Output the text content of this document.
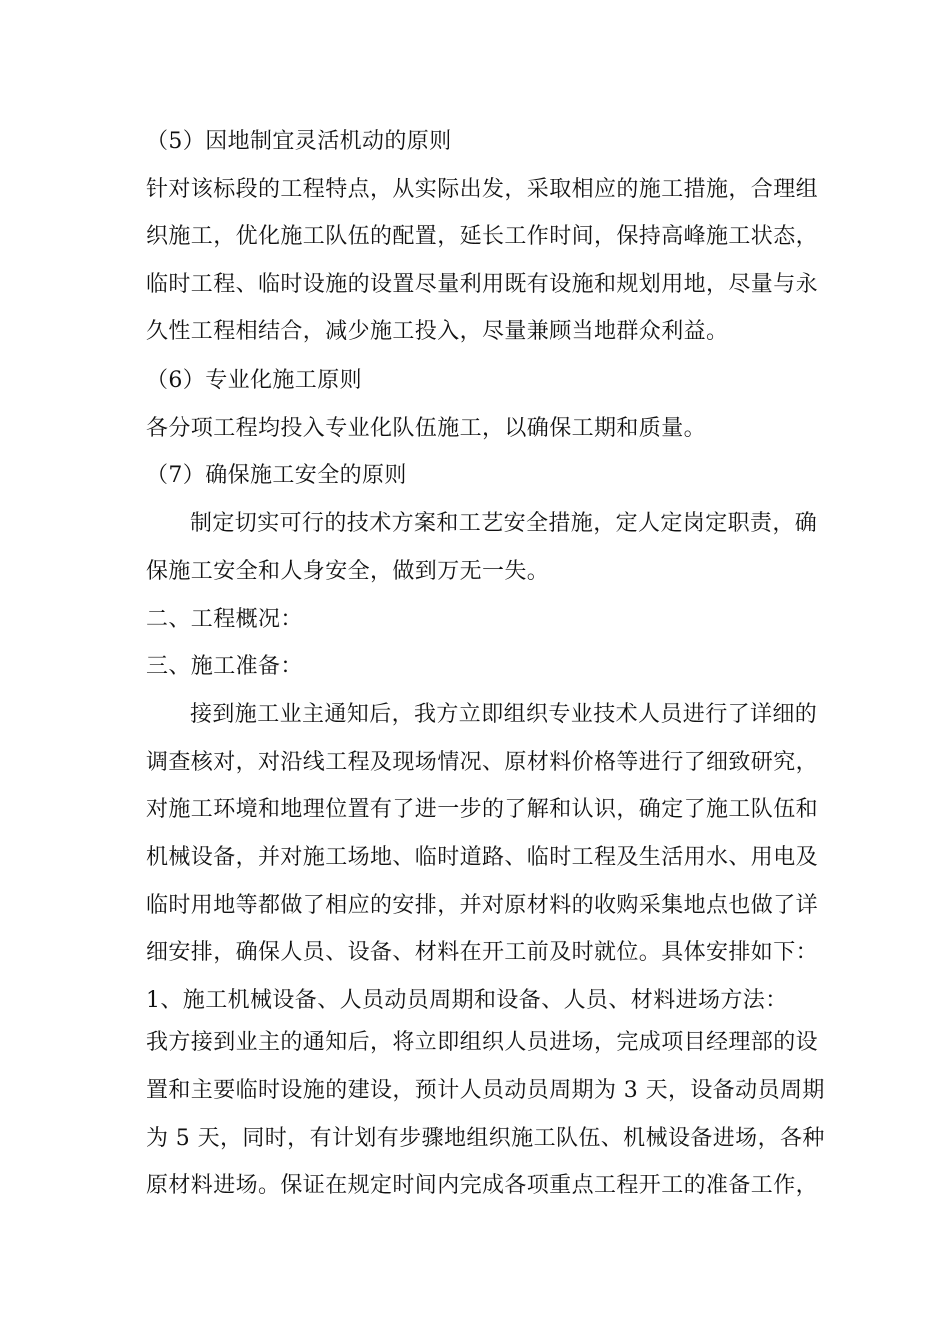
（5）因地制宜灵活机动的原则
针对该标段的工程特点，从实际出发，采取相应的施工措施，合理组
织施工，优化施工队伍的配置，延长工作时间，保持高峰施工状态，
临时工程、临时设施的设置尽量利用既有设施和规划用地，尽量与永
久性工程相结合，减少施工投入，尽量兼顾当地群众利益。
（6）专业化施工原则
各分项工程均投入专业化队伍施工，以确保工期和质量。
（7）确保施工安全的原则
制定切实可行的技术方案和工艺安全措施，定人定岗定职责，确
保施工安全和人身安全，做到万无一失。
二、工程概况：
三、施工准备：
接到施工业主通知后，我方立即组织专业技术人员进行了详细的
调查核对，对沿线工程及现场情况、原材料价格等进行了细致研究，
对施工环境和地理位置有了进一步的了解和认识，确定了施工队伍和
机械设备，并对施工场地、临时道路、临时工程及生活用水、用电及
临时用地等都做了相应的安排，并对原材料的收购采集地点也做了详
细安排，确保人员、设备、材料在开工前及时就位。具体安排如下：
1、施工机械设备、人员动员周期和设备、人员、材料进场方法：
我方接到业主的通知后，将立即组织人员进场，完成项目经理部的设
置和主要临时设施的建设，预计人员动员周期为 3 天，设备动员周期
为 5 天，同时，有计划有步骤地组织施工队伍、机械设备进场，各种
原材料进场。保证在规定时间内完成各项重点工程开工的准备工作，
